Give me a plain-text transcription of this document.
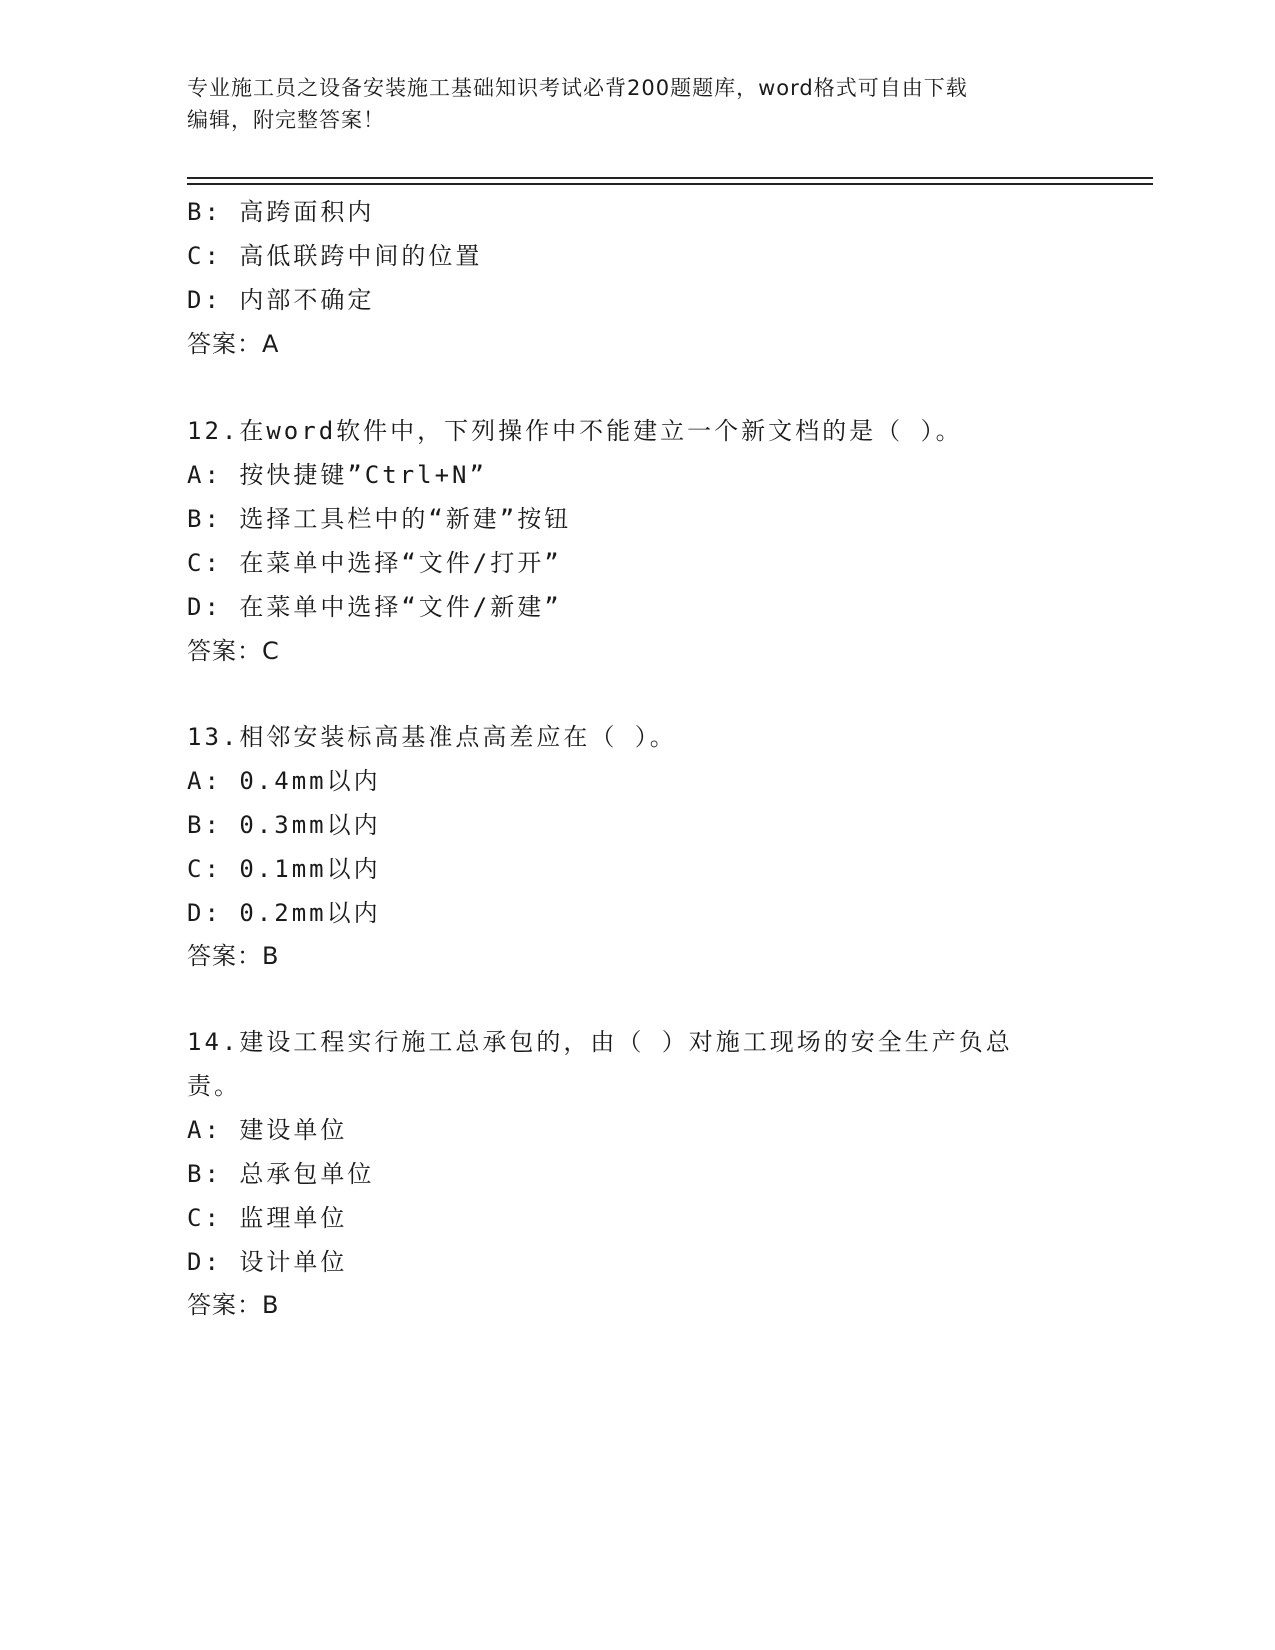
专业施工员之设备安装施工基础知识考试必背200题题库，word格式可自由下载
编辑，附完整答案！
B: 高跨面积内
C: 高低联跨中间的位置
D: 内部不确定
答案：A
12.在word软件中，下列操作中不能建立一个新文档的是（ ）。
A: 按快捷键”Ctrl+N”
B: 选择工具栏中的“新建”按钮
C: 在菜单中选择“文件/打开”
D: 在菜单中选择“文件/新建”
答案：C
13.相邻安装标高基准点高差应在（ ）。
A: 0.4mm以内
B: 0.3mm以内
C: 0.1mm以内
D: 0.2mm以内
答案：B
14.建设工程实行施工总承包的，由（ ）对施工现场的安全生产负总
责。
A: 建设单位
B: 总承包单位
C: 监理单位
D: 设计单位
答案：B
